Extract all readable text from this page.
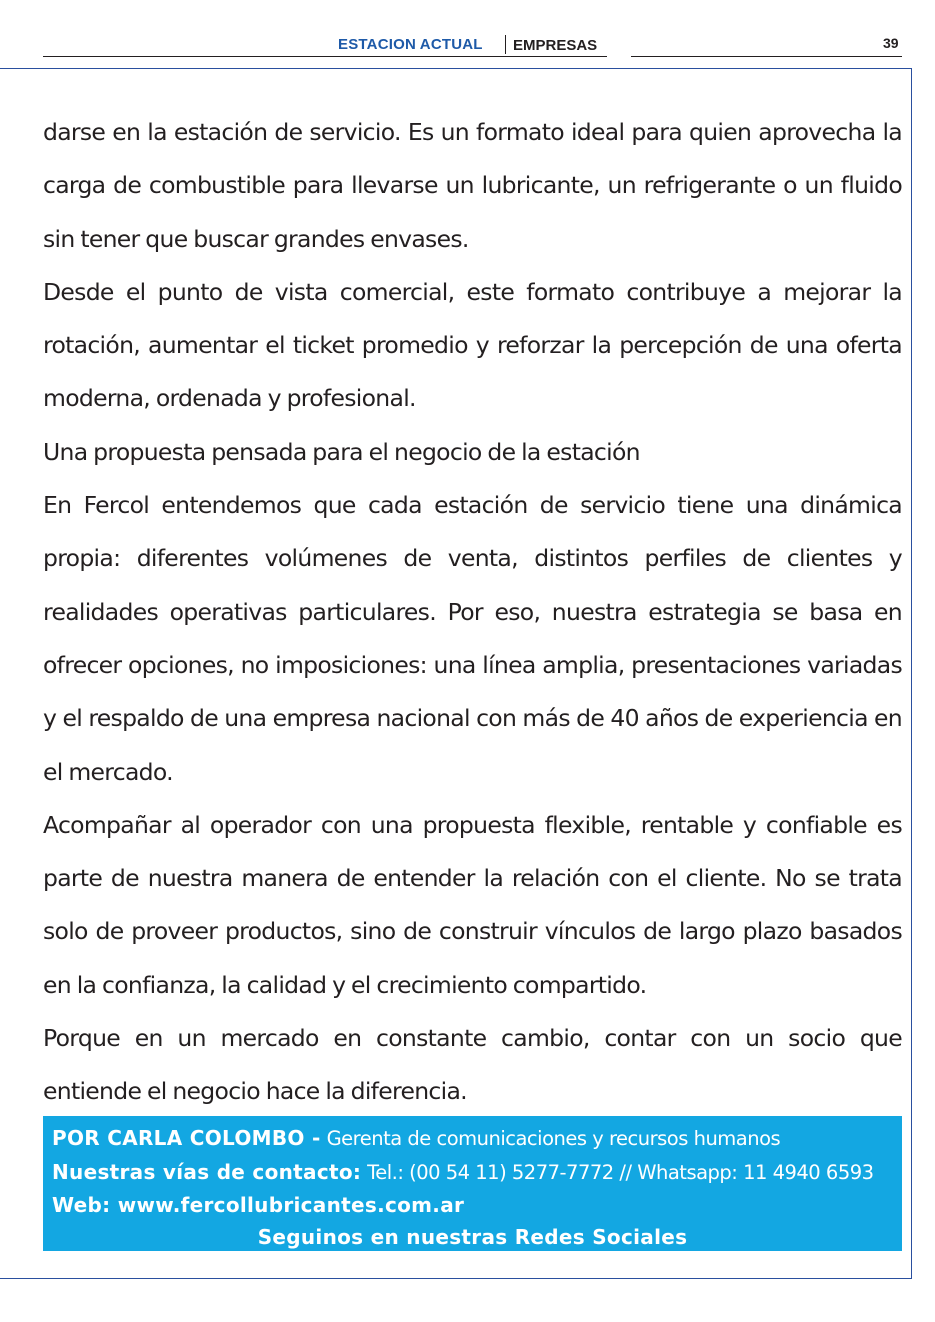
ESTACION ACTUAL EMPRESAS	39

darse en la estación de servicio. Es un formato ideal para quien aprovecha la carga de combustible para llevarse un lubricante, un refrigerante o un fluido sin tener que buscar grandes envases.

Desde el punto de vista comercial, este formato contribuye a mejorar la rotación, aumentar el ticket promedio y reforzar la percepción de una oferta moderna, ordenada y profesional.

Una propuesta pensada para el negocio de la estación

En Fercol entendemos que cada estación de servicio tiene una dinámica propia: diferentes volúmenes de venta, distintos perfiles de clientes y realidades operativas particulares. Por eso, nuestra estrategia se basa en ofrecer opciones, no imposiciones: una línea amplia, presentaciones variadas y el respaldo de una empresa nacional con más de 40 años de experiencia en el mercado.

Acompañar al operador con una propuesta flexible, rentable y confiable es parte de nuestra manera de entender la relación con el cliente. No se trata solo de proveer productos, sino de construir vínculos de largo plazo basados en la confianza, la calidad y el crecimiento compartido.

Porque en un mercado en constante cambio, contar con un socio que entiende el negocio hace la diferencia.

POR CARLA COLOMBO - Gerenta de comunicaciones y recursos humanos
Nuestras vías de contacto: Tel.: (00 54 11) 5277-7772 // Whatsapp: 11 4940 6593
Web: www.fercollubricantes.com.ar
Seguinos en nuestras Redes Sociales
